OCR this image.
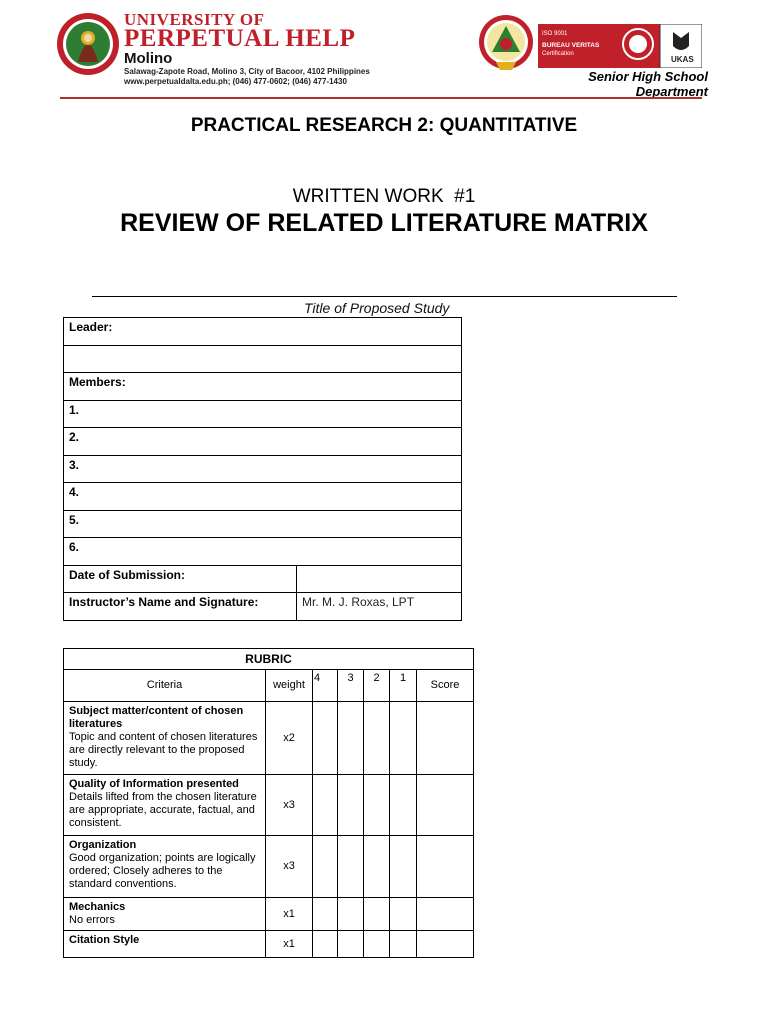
UNIVERSITY OF
PERPETUAL HELP
Molino
Salawag-Zapote Road, Molino 3, City of Bacoor, 4102 Philippines
www.perpetualdalta.edu.ph; (046) 477-0602; (046) 477-1430
ISO 9001
BUREAU VERITAS
Certification
UKAS
Senior High School Department
PRACTICAL RESEARCH 2: QUANTITATIVE
WRITTEN WORK  #1
REVIEW OF RELATED LITERATURE MATRIX
Title of Proposed Study
Leader:	

Members:	
1.	
2.	
3.	
4.	
5.	
6.	
Date of Submission:	
Instructor’s Name and Signature:	Mr. M. J. Roxas, LPT
RUBRIC						
Criteria	weight	4	3	2	1	Score

Subject matter/content of chosen literatures
Topic and content of chosen literatures are directly relevant to the proposed study.	x2					

Quality of Information presented
Details lifted from the chosen literature are appropriate, accurate, factual, and consistent.	x3					

Organization
Good organization; points are logically ordered; Closely adheres to the standard conventions.	x3					

Mechanics
No errors	x1					

Citation Style	x1					
